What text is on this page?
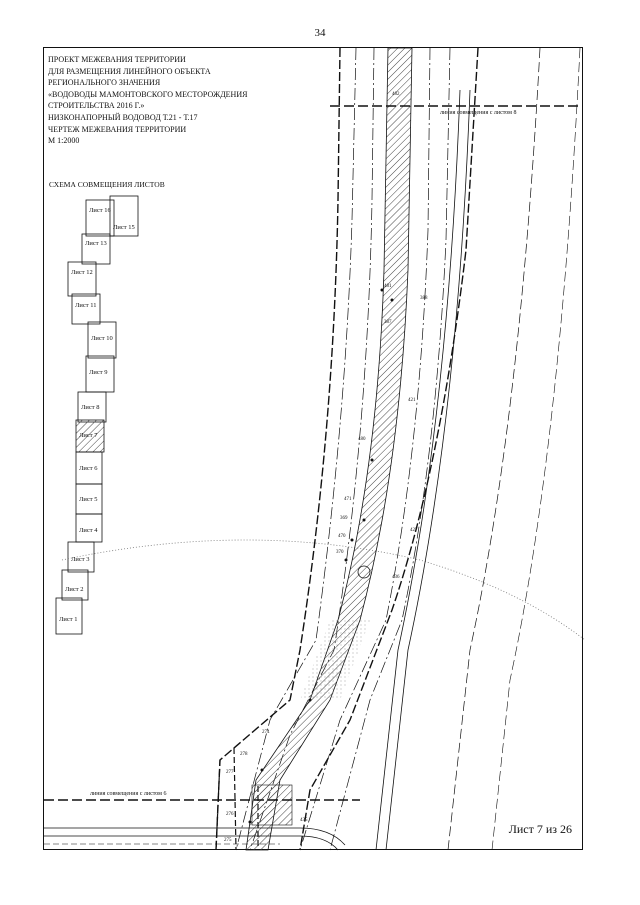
34
ПРОЕКТ МЕЖЕВАНИЯ ТЕРРИТОРИИ
ДЛЯ РАЗМЕЩЕНИЯ ЛИНЕЙНОГО ОБЪЕКТА
РЕГИОНАЛЬНОГО ЗНАЧЕНИЯ
«ВОДОВОДЫ МАМОНТОВСКОГО МЕСТОРОЖДЕНИЯ
СТРОИТЕЛЬСТВА 2016 Г.»
НИЗКОНАПОРНЫЙ ВОДОВОД Т.21 - Т.17
ЧЕРТЕЖ МЕЖЕВАНИЯ ТЕРРИТОРИИ
М 1:2000
СХЕМА СОВМЕЩЕНИЯ ЛИСТОВ
Лист 16
Лист 15
Лист 13
Лист 12
Лист 11
Лист 10
Лист 9
Лист 8
Лист 7
Лист 6
Лист 5
Лист 4
Лист 3
Лист 2
Лист 1
линия совмещения с листом 8
линия совмещения с листом 6
482
481
387
388
480
471
369
470
370
278
274
276
275
277
427
436
421
435
Лист 7 из 26
